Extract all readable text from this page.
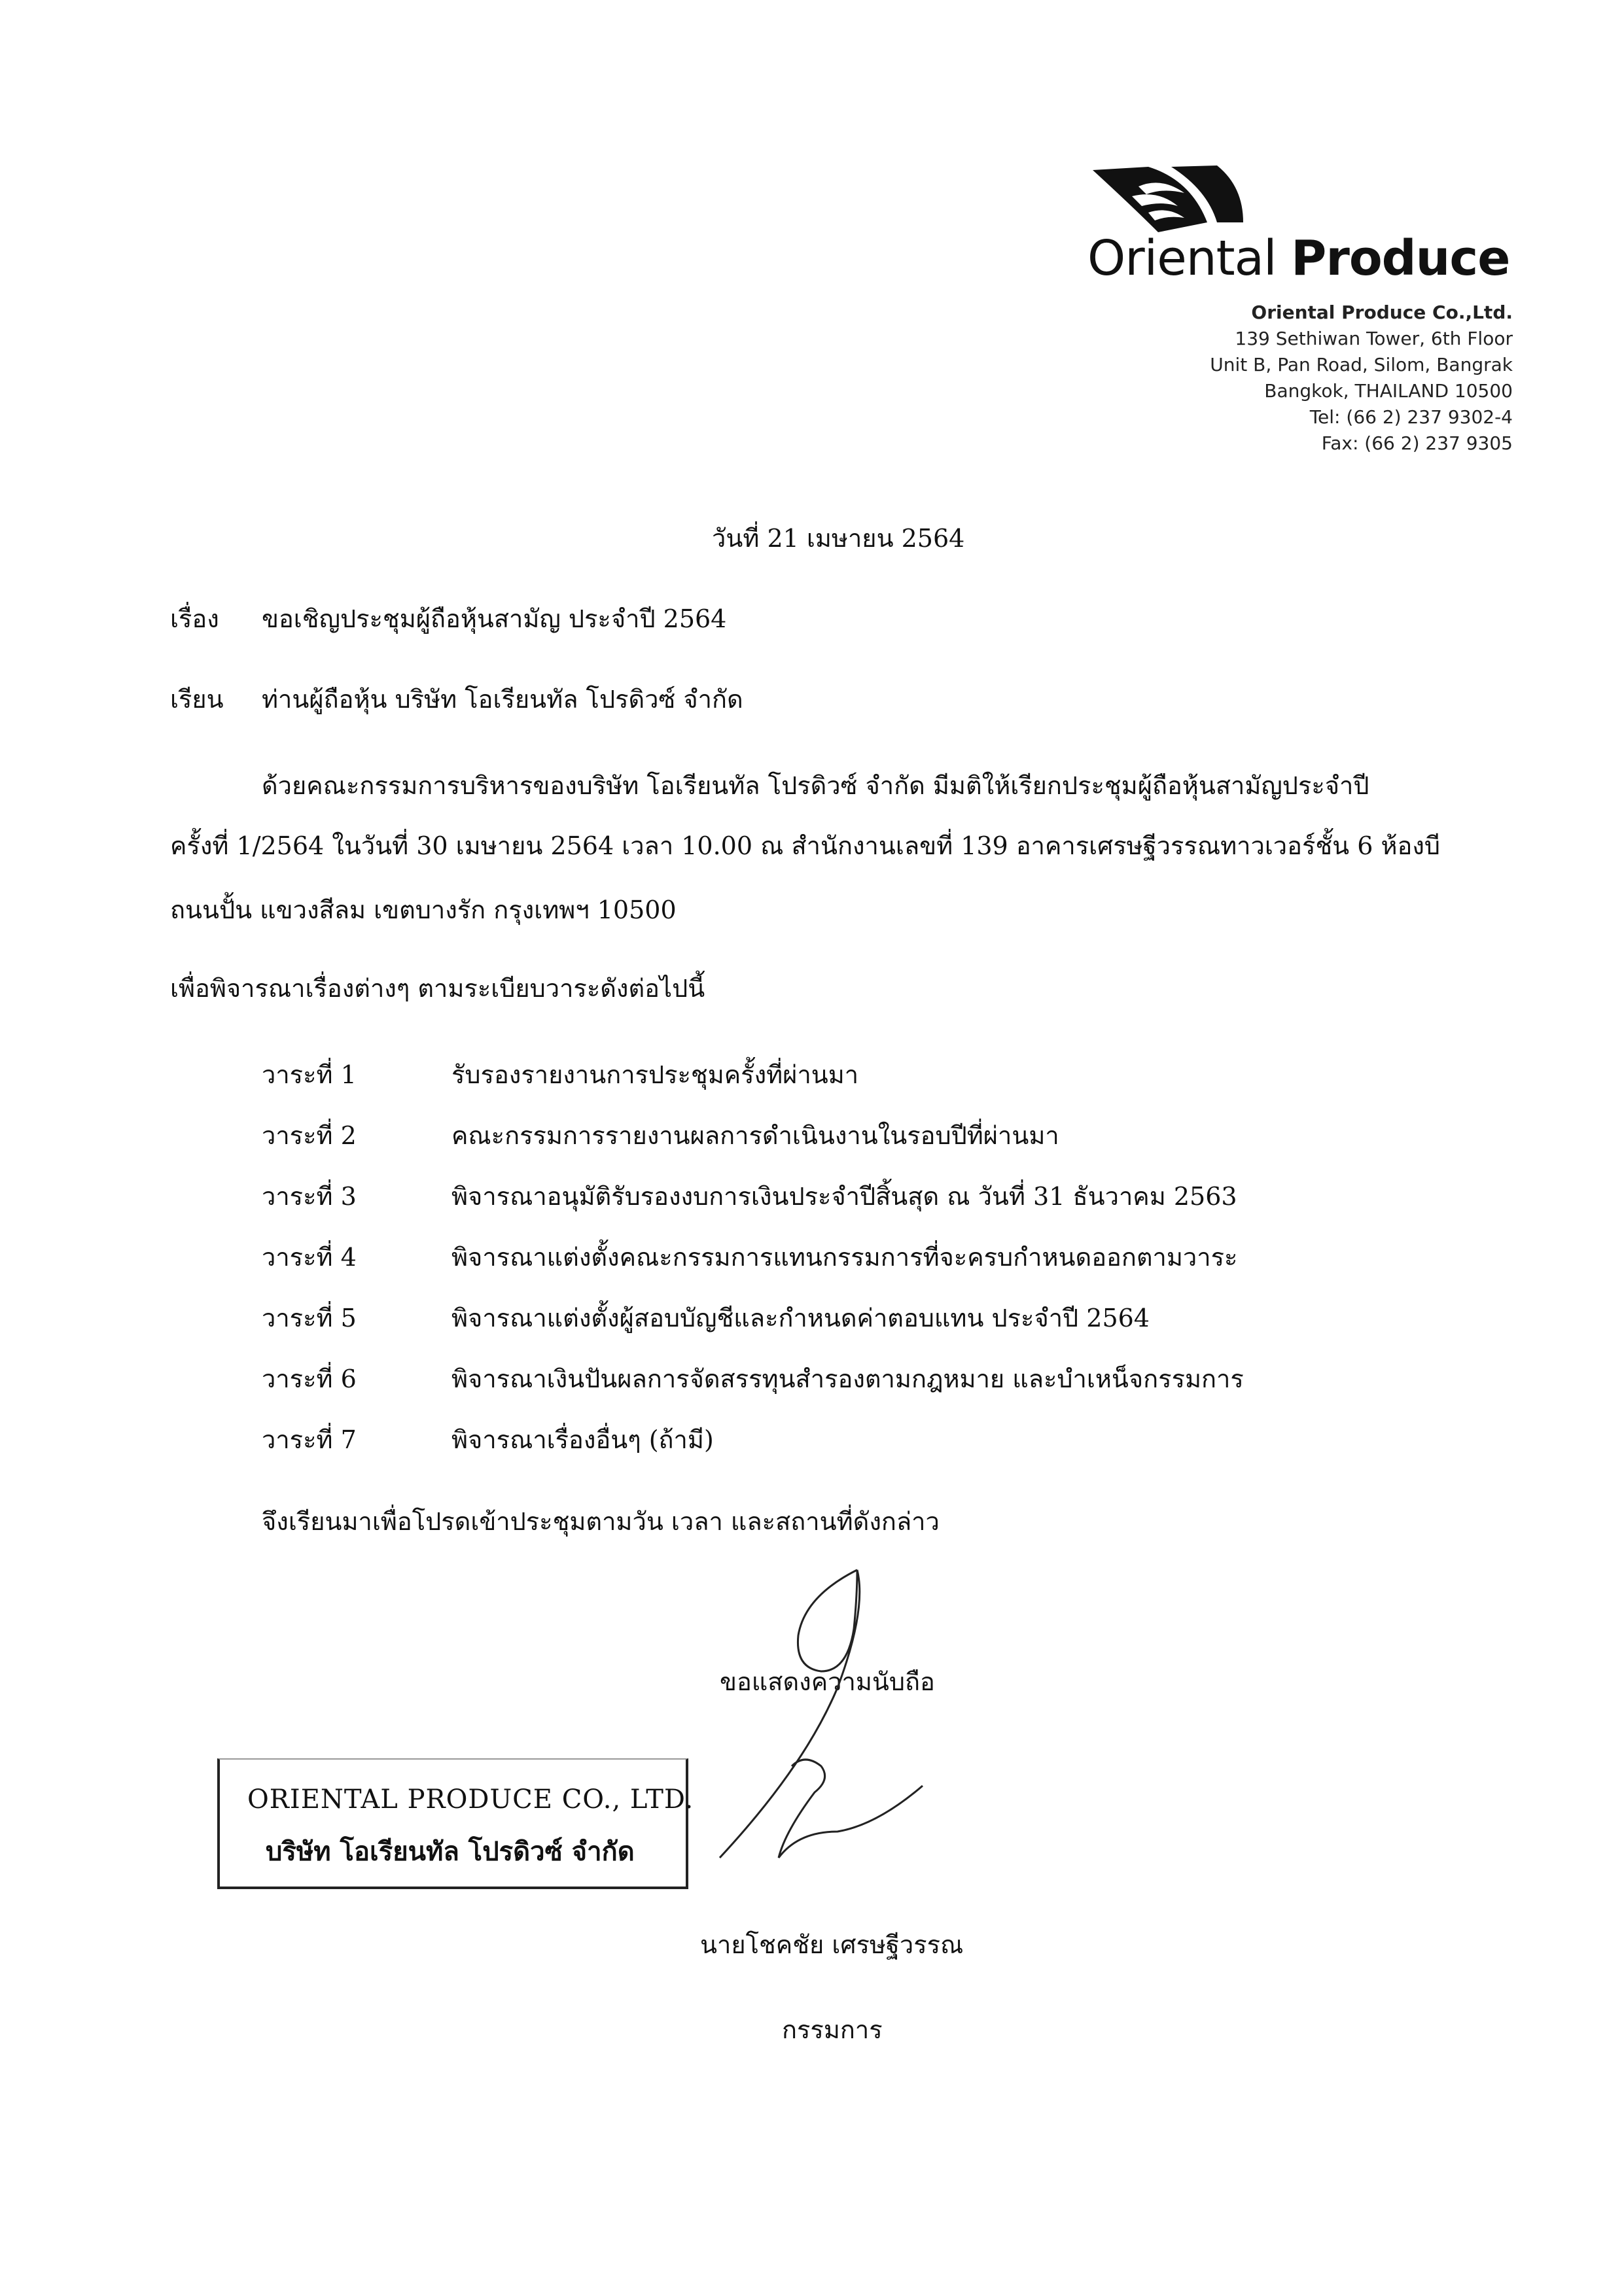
Oriental Produce
Oriental Produce Co.,Ltd.
139 Sethiwan Tower, 6th Floor
Unit B, Pan Road, Silom, Bangrak
Bangkok, THAILAND 10500
Tel: (66 2) 237 9302-4
Fax: (66 2) 237 9305
วันที่ 21 เมษายน 2564
เรื่อง ขอเชิญประชุมผู้ถือหุ้นสามัญ ประจำปี 2564
เรียน ท่านผู้ถือหุ้น บริษัท โอเรียนทัล โปรดิวซ์ จำกัด
ด้วยคณะกรรมการบริหารของบริษัท โอเรียนทัล โปรดิวซ์ จำกัด มีมติให้เรียกประชุมผู้ถือหุ้นสามัญประจำปี
ครั้งที่ 1/2564 ในวันที่ 30 เมษายน 2564 เวลา 10.00 ณ สำนักงานเลขที่ 139 อาคารเศรษฐีวรรณทาวเวอร์ชั้น 6 ห้องบี
ถนนปั้น แขวงสีลม เขตบางรัก กรุงเทพฯ 10500
เพื่อพิจารณาเรื่องต่างๆ ตามระเบียบวาระดังต่อไปนี้
วาระที่ 1	รับรองรายงานการประชุมครั้งที่ผ่านมา
วาระที่ 2	คณะกรรมการรายงานผลการดำเนินงานในรอบปีที่ผ่านมา
วาระที่ 3	พิจารณาอนุมัติรับรองงบการเงินประจำปีสิ้นสุด ณ วันที่ 31 ธันวาคม 2563
วาระที่ 4	พิจารณาแต่งตั้งคณะกรรมการแทนกรรมการที่จะครบกำหนดออกตามวาระ
วาระที่ 5	พิจารณาแต่งตั้งผู้สอบบัญชีและกำหนดค่าตอบแทน ประจำปี 2564
วาระที่ 6	พิจารณาเงินปันผลการจัดสรรทุนสำรองตามกฎหมาย และบำเหน็จกรรมการ
วาระที่ 7	พิจารณาเรื่องอื่นๆ (ถ้ามี)
จึงเรียนมาเพื่อโปรดเข้าประชุมตามวัน เวลา และสถานที่ดังกล่าว
ขอแสดงความนับถือ
ORIENTAL PRODUCE CO., LTD.
บริษัท โอเรียนทัล โปรดิวซ์ จำกัด
นายโชคชัย เศรษฐีวรรณ
กรรมการ
